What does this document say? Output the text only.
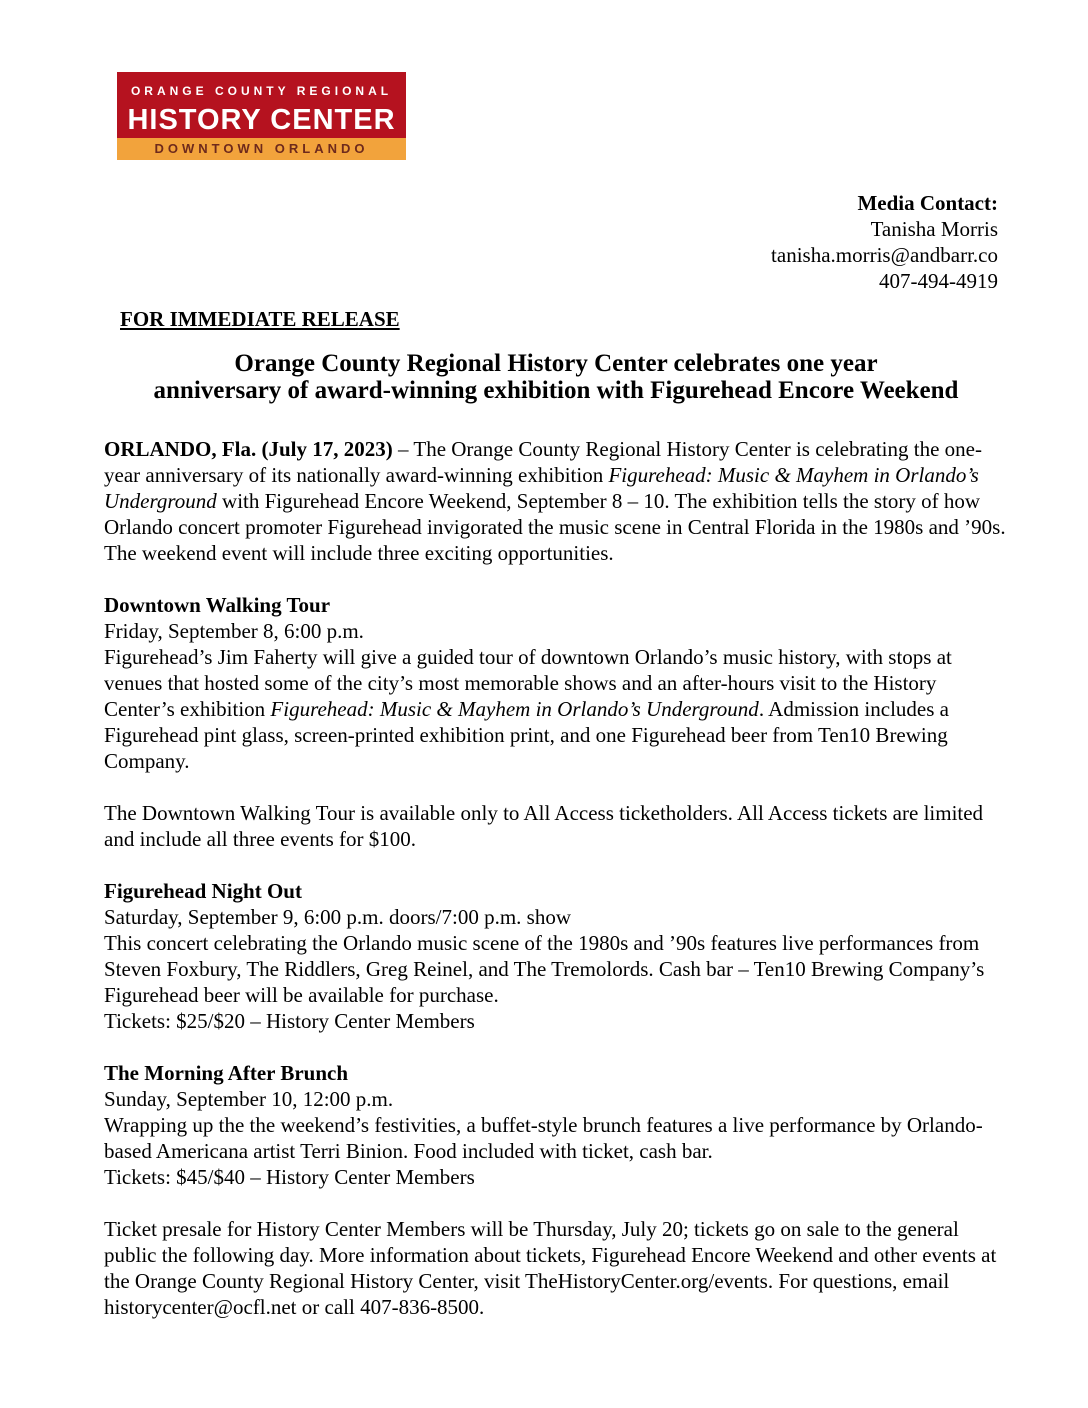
ORANGE COUNTY REGIONAL
HISTORY CENTER
DOWNTOWN ORLANDO

Media Contact:

Tanisha Morris

tanisha.morris@andbarr.co

407-494-4919

FOR IMMEDIATE RELEASE
Orange County Regional History Center celebrates one year
anniversary of award-winning exhibition with Figurehead Encore Weekend

ORLANDO, Fla. (July 17, 2023) – The Orange County Regional History Center is celebrating the one-year anniversary of its nationally award-winning exhibition Figurehead: Music & Mayhem in Orlando’s Underground with Figurehead Encore Weekend, September 8 – 10. The exhibition tells the story of how Orlando concert promoter Figurehead invigorated the music scene in Central Florida in the 1980s and ’90s. The weekend event will include three exciting opportunities.

Downtown Walking Tour

Friday, September 8, 6:00 p.m.

Figurehead’s Jim Faherty will give a guided tour of downtown Orlando’s music history, with stops at venues that hosted some of the city’s most memorable shows and an after-hours visit to the History Center’s exhibition Figurehead: Music & Mayhem in Orlando’s Underground. Admission includes a Figurehead pint glass, screen-printed exhibition print, and one Figurehead beer from Ten10 Brewing Company.

The Downtown Walking Tour is available only to All Access ticketholders. All Access tickets are limited and include all three events for $100.

Figurehead Night Out

Saturday, September 9, 6:00 p.m. doors/7:00 p.m. show

This concert celebrating the Orlando music scene of the 1980s and ’90s features live performances from Steven Foxbury, The Riddlers, Greg Reinel, and The Tremolords. Cash bar – Ten10 Brewing Company’s Figurehead beer will be available for purchase.

Tickets: $25/$20 – History Center Members

The Morning After Brunch

Sunday, September 10, 12:00 p.m.

Wrapping up the the weekend’s festivities, a buffet-style brunch features a live performance by Orlando-based Americana artist Terri Binion. Food included with ticket, cash bar.

Tickets: $45/$40 – History Center Members

Ticket presale for History Center Members will be Thursday, July 20; tickets go on sale to the general public the following day. More information about tickets, Figurehead Encore Weekend and other events at the Orange County Regional History Center, visit TheHistoryCenter.org/events. For questions, email historycenter@ocfl.net or call 407-836-8500.
